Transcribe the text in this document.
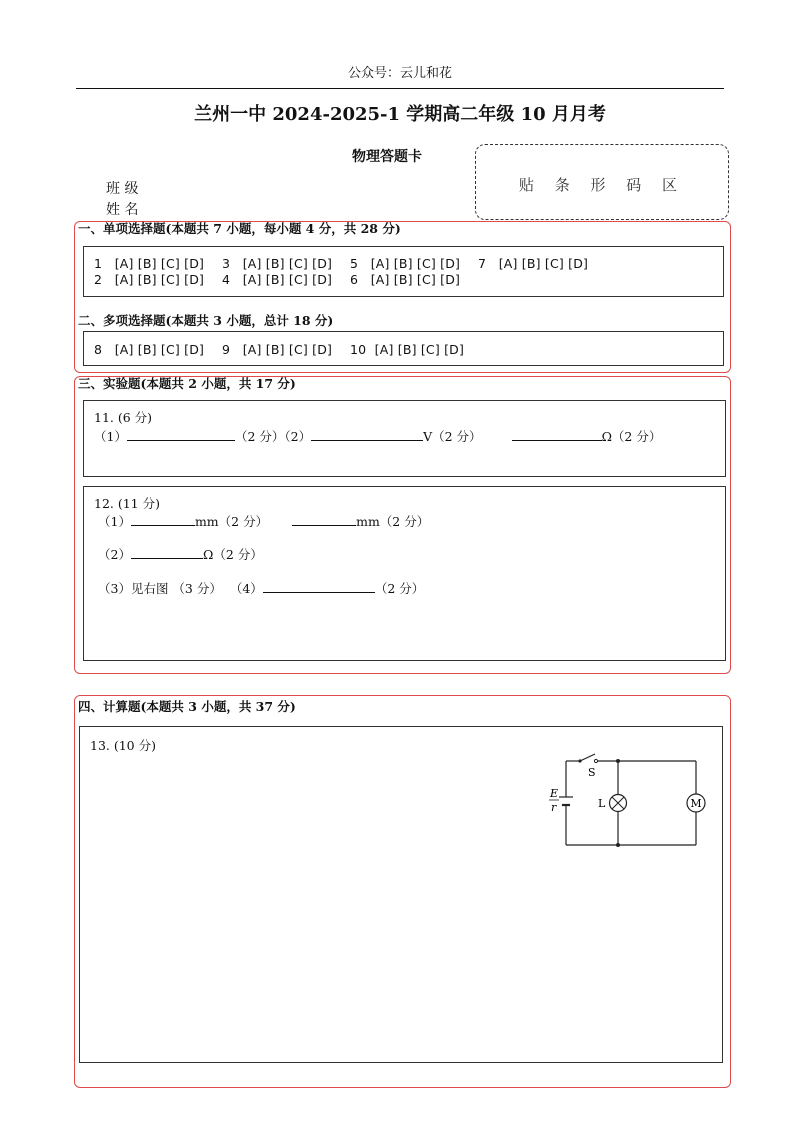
公众号：云儿和花
兰州一中 2024-2025-1 学期高二年级 10 月月考
物理答题卡
班 级
姓 名
贴 条 形 码 区
一、单项选择题(本题共 7 小题，每小题 4 分，共 28 分)
1 [A] [B] [C] [D] 3 [A] [B] [C] [D] 5 [A] [B] [C] [D] 7 [A] [B] [C] [D]
2 [A] [B] [C] [D] 4 [A] [B] [C] [D] 6 [A] [B] [C] [D]
二、多项选择题(本题共 3 小题，总计 18 分)
8 [A] [B] [C] [D] 9 [A] [B] [C] [D] 10 [A] [B] [C] [D]
三、实验题(本题共 2 小题，共 17 分)
11. (6 分)
（1）	（2 分）（2）	V（2 分）	Ω（2 分）
12. (11 分)
（1）	mm（2 分）	mm（2 分）
（2）	Ω（2 分）
（3）见右图 （3 分） （4）	（2 分）
四、计算题(本题共 3 小题，共 37 分)
13. (10 分)
S
E
r	L	M
